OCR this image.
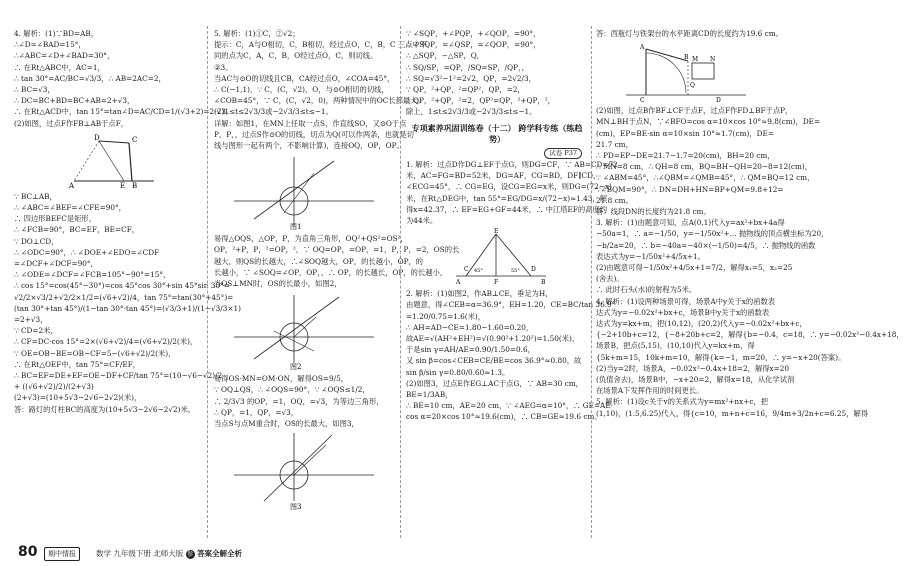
4. 解析：(1)∵BD=AB，
∴∠D=∠BAD=15°，
∴∠ABC=∠D+∠BAD=30°，
∴ 在Rt△ABC中，AC=1，
∴ tan 30°=AC/BC=√3/3，∴ AB=2AC=2，
∴ BC=√3，
∴ DC=BC+BD=BC+AB=2+√3，
∴ 在Rt△ACD中，tan 15°=tan∠D=AC/CD=1/(√3+2)=2-√3。
(2)如图，过点F作FB⊥AB于点F，
D	C
A	E B
∵ BC⊥AB，
∴ ∠ABC=∠BEF=∠CFE=90°，
∴ 四边形BEFC是矩形，
∴ ∠FCB=90°，BC=EF，BE=CF，
∵ DO⊥CD，
∴ ∠ODC=90°，∴ ∠DOE+∠EDO=∠CDF
=∠DCF+∠DCF=90°，
∴ ∠ODE=∠DCF=∠FCB=105°−90°=15°，
∴ cos 15°=cos(45°−30°)=cos 45°cos 30°+sin 45°sin 30°=
√2/2×√3/2+√2/2×1/2=(√6+√2)/4，tan 75°=tan(30°+45°)=
(tan 30°+tan 45°)/(1−tan 30°·tan 45°)=(√3/3+1)/(1−√3/3×1)
=2+√3，
∵ CD=2米，
∴ CF=DC·cos 15°=2×(√6+√2)/4=(√6+√2)/2(米)，
∵ OE=OB−BE=OB−CF=5−(√6+√2)/2(米)，
∴ 在Rt△OEF中，tan 75°=CF/EF，
∴ BC=EF=DE+EF=OE−DF+CF/tan 75°=(10−√6−√2)/2
+ ((√6+√2)/2)/(2+√3)
(2+√3)=(10+5√3−2√6−2√2)(米)，
答：路灯的灯柱BC的高度为(10+5√3−2√6−2√2)米。
5. 解析：(1)①C，②√2；
提示：C，A与O相切，C，B相切，经过点O，C，B，C 三点中不
同的点为C，A，C，B，O经过点O，C，则切线。
②3。
当AC与⊙O的切线且CB，CA经过点O，∠COA=45°，
∴ C(−1,1)，∵ C，(C，√2)，O，与⊙O相切的切线，
∠COB=45°，∵ C，(C，√2，0)，两种情况中的OC长都最大。
(2)1≤t≤2√3/3或−2√3/3≤t≤−1。
详解：如图1，在MN上任取一点S，作直线SO，又⊙O于点
P，P，，过点S作⊙O的切线，切点为Q(可以作两条，也就是切
线与图形一起有两个，不影响计算)，连接OQ，OP，OP。
图1
易得△OQS，△OP，P，为直角三角形，OQ²+QS²=OS²，
OP，²+P，P，²=OP，²，∵ OQ=OP，=OP，=1，P，P，=2，OS的长
越大，则QS的长越大，∴∠SOQ越大，OP，的长越小，OP，的
长越小，∵ ∠SOQ=∠OP，OP，，∴ OP，的长越长，OP，的长越小，
当OS⊥MN时，OS的长最小，如图2，
图2
易得OS·MN=OM·ON，解得OS=9/5，
∵ OQ⊥QS，∴ ∠OQS=90°，∵ ∠OQS≤1/2，
∴ 2/3√3 的OP，=1，OQ，=√3，为等边三角形，
∴ QP，=1，QP，=√3，
当点S与点M重合时，OS的长最大，如图3，
图3
∵ ∠SQP，+∠PQP，+∠QOP，=90°，
∴ ∠SQP，=∠QSP，=∠QOP，=90°，
∴ △SQP，∽△SP，Q，
∴ SQ/SP，=QP，/SQ=SP，/QP，，
∴ SQ=√3²−1²=2√2，QP，=2√2/3，
∵ QP，²+QP，²=QP²，QP，=2，
∴ QP，²+QP，²=2，QP²=QP，²+QP，²，
除上，1≤t≤2√3/3或−2√3/3≤t≤−1。
专项素养巩固训练卷（十二） 跨学科专练（练趋势）
试卷 P37
1. 解析：过点D作DG⊥EF于点G，则DG=CF，∵ AB=CD=72
米，AC=FG=BD=52米，DG=AF，CG=BD，DF∥CD，
∠ECG=45°，∴ CG=EG，设CG=EG=x米，则DG=(72−x)
米，在Rt△DEG中，tan 55°=EG/DG=x/(72−x)≈1.43，解
得x=42.37，∴ EF=EG+GF=44米，∴ 中江塔EF的高度约
为44米。
E
A
C	D
F	B
45°	55°
2. 解析：(1)如图2，作AB⊥CE，垂足为H，
由题意，得∠CEB=α=36.9°，EH=1.20，CE=BC/tan 36.9°
=1.20/0.75=1.6(米)，
∴ AH=AD−CE=1.80−1.60=0.20，
故AE=√(AH²+EH²)=√(0.90²+1.20²)=1.50(米)，
于是sin γ=AH/AE=0.90/1.50=0.6，
又 sin β=cos∠CEB=CE/BE=cos 36.9°≈0.80，故
sin β/sin γ=0.80/0.60≈1.3。
(2)如图3，过点E作EG⊥AC于点G，∵ AB=30 cm，
BE=1/3AB，
∴ BE=10 cm，AE=20 cm，∵ ∠AEG=α=10°，∴ GE=AE·
cos α=20×cos 10°≈19.6(cm)，∴ CB=GE≈19.6 cm。
答：西瓶灯与铁架台的水平距离CD的长度约为19.6 cm。
A
B
C	D
M N
Q
(2)如图，过点B作BF⊥CF于点F，过点F作FD⊥BF于点P，
MN⊥BH于点N，∵∠BFO=cos α=10×cos 10°≈9.8(cm)，DE=
(cm)，EP=BE·sin α=10×sin 10°≈1.7(cm)，DE=
21.7 cm，
∴ PD=EP−DE=21.7−1.7=20(cm)，BH=20 cm，
∴ MN=8 cm，∴ QH=8 cm，BQ=BH−QH=20−8=12(cm)，
∵ ∠ABM=45°，∴∠QBM=∠QMB=45°，∴ QM=BQ=12 cm，
∵∠BQM=90°，∴ DN=DH+HN=BP+QM=9.8+12=
21.8 cm。
答：线段DN的长度约为21.8 cm。
3. 解析：(1)由题意可知，点A(0,1)代入y=ax²+bx+4a得
−50a=1，∴ a=−1/50，y=−1/50x²+... 抛物线的顶点横坐标为20，
−b/2a=20，∴ b=−40a=−40×(−1/50)=4/5，∴ 抛物线的函数
表达式为y=−1/50x²+4/5x+1。
(2)由题意可得−1/50x²+4/5x+1=7/2，解得x₁=5，x₂=25
(舍去)。
∴ 此时石头(水)的射程为5米。
4. 解析：(1)设两种场景可得，场景A中y关于x的函数表
达式为y=−0.02x²+bx+c，场景B中y关于x的函数表
达式为y=kx+m，把(10,12)，(20,2)代入y=−0.02x²+bx+c，
{−2+10b+c=12，{−8+20b+c=2，解得{b=−0.4，c=18，∴ y=−0.02x²−0.4x+18，
场景B，把点(5,15)，(10,10)代入y=kx+m，得
{5k+m=15，10k+m=10，解得{k=−1，m=20，∴ y=−x+20(答案)。
(2)当y=2时，场景A，−0.02x²−0.4x+18=2，解得x=20
(负值舍去)，场景B中，−x+20=2，解得x=18，从化学试剂
在场景A下发挥作用的时间更长。
5. 解析：(1)设c关于v的关系式为y=mx²+nx+c，把
(1,10)，(1.5,6.25)代入，得{c=10，m+n+c=16，9/4m+3/2n+c=6.25，解得
80	期中情报	数学 九年级下册 北师大版 参 答案全解全析
